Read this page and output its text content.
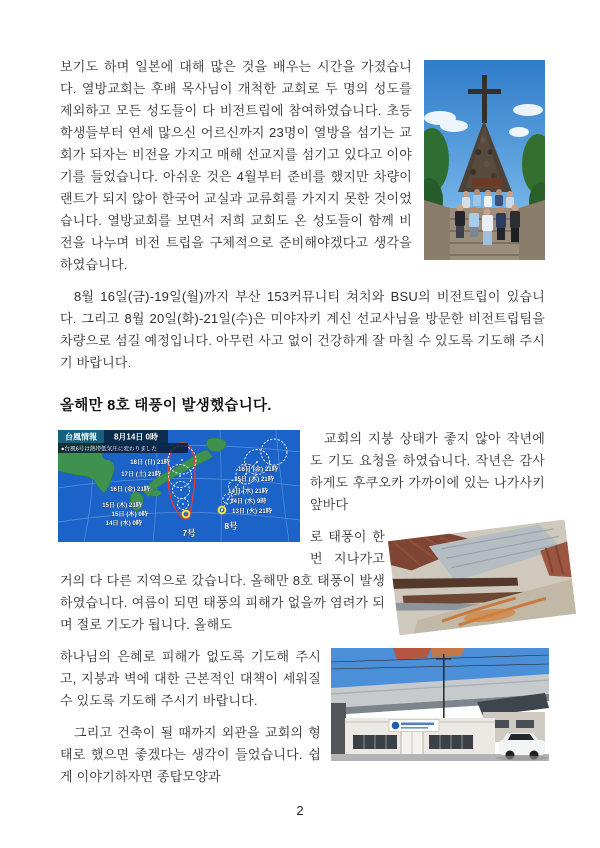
보기도 하며 일본에 대해 많은 것을 배우는 시간을 가졌습니다. 열방교회는 후배 목사님이 개척한 교회로 두 명의 성도를 제외하고 모든 성도들이 다 비전트립에 참여하였습니다. 초등학생들부터 연세 많으신 어르신까지 23명이 열방을 섬기는 교회가 되자는 비전을 가지고 매해 선교지를 섬기고 있다고 이야기를 들었습니다. 아쉬운 것은 4월부터 준비를 했지만 차량이 랜트가 되지 않아 한국어 교실과 교류회를 가지지 못한 것이었습니다. 열방교회를 보면서 저희 교회도 온 성도들이 함께 비전을 나누며 비전 트립을 구체적으로 준비해야겠다고 생각을 하였습니다.

8월 16일(금)-19일(월)까지 부산 153커뮤니티 쳐치와 BSU의 비전트립이 있습니다. 그리고 8월 20일(화)-21일(수)은 미야자키 계신 선교사님을 방문한 비전트립팀을 차량으로 섬길 예정입니다. 아무런 사고 없이 건강하게 잘 마칠 수 있도록 기도해 주시기 바랍니다.

올해만 8호 태풍이 발생했습니다.
18日 (日) 21時
17日 (土) 21時
16日 (金) 21時
15日 (木) 21時
15日 (木) 0時
14日 (水) 0時
16日 (金) 21時
15日 (木) 21時
14日 (水) 21時
14日 (水) 9時
13日 (火) 21時
7号
8号
台風情報 8月14日 0時
●台風6号は熱帯低気圧に変わりました

교회의 지붕 상태가 좋지 않아 작년에도 기도 요청을 하였습니다. 작년은 감사하게도 후쿠오카 가까이에 있는 나가사키 앞바다

로 태풍이 한번 지나가고 거의 다 다른 지역으로 갔습니다. 올해만 8호 태풍이 발생하였습니다. 여름이 되면 태풍의 피해가 없을까 염려가 되며 절로 기도가 됩니다. 올해도

하나님의 은혜로 피해가 없도록 기도해 주시고, 지붕과 벽에 대한 근본적인 대책이 세워질 수 있도록 기도해 주시기 바랍니다.

그리고 건축이 될 때까지 외관을 교회의 형태로 했으면 좋겠다는 생각이 들었습니다. 쉽게 이야기하자면 종탑모양과

2
